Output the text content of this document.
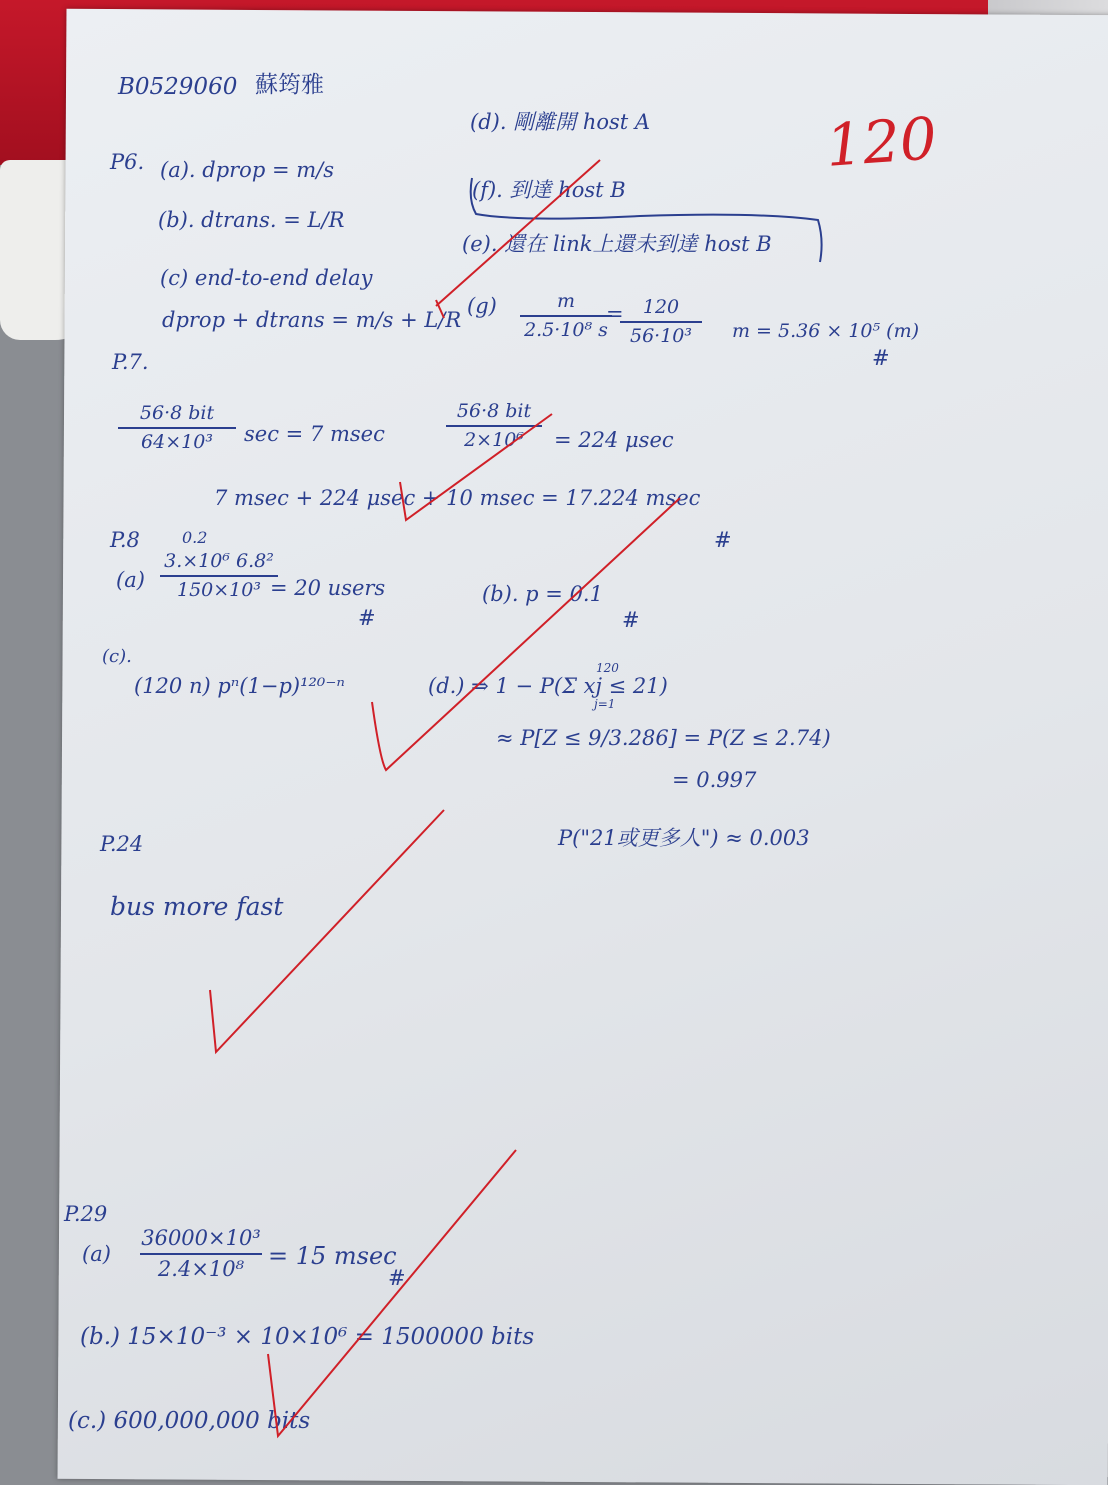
B0529060 蘇筠雅
120
P6. (a). dprop = m/s
(b). dtrans. = L/R
(c) end-to-end delay
dprop + dtrans = m/s + L/R
(d). 剛離開 host A
(f). 到達 host B
(e). 還在 link上還未到達 host B
$(g) \frac{m}{\text{2.5·10⁸ s}}$
=
$\frac{120}{\text{56·10³}}$ m = 5.36 × 10⁵ (m)
#
P.7.
56·8 bit
64×10³	sec = 7 msec
56·8 bit
2×10⁶	= 224 μsec
7 msec + 224 μsec + 10 msec = 17.224 msec
#
P.8	0.2
$(a) \frac{\text{3.×10⁶ 6.8²}}{\text{150×10³}}$
= 20 users
#
(b). p = 0.1
#
(c).
(120 n) pⁿ(1−p)¹²⁰⁻ⁿ	(d.) ⇒ 1 − P(Σ xj ≤ 21)
120
j=1
≈ P[Z ≤ 9/3.286] = P(Z ≤ 2.74)
= 0.997
P("21或更多人") ≈ 0.003
P.24
bus more fast
P.29
$(a) \frac{\text{36000×10³}}{\text{2.4×10⁸}} = 15$ msec
#
(b.) 15×10⁻³ × 10×10⁶ = 1500000 bits
(c.) 600,000,000 bits
